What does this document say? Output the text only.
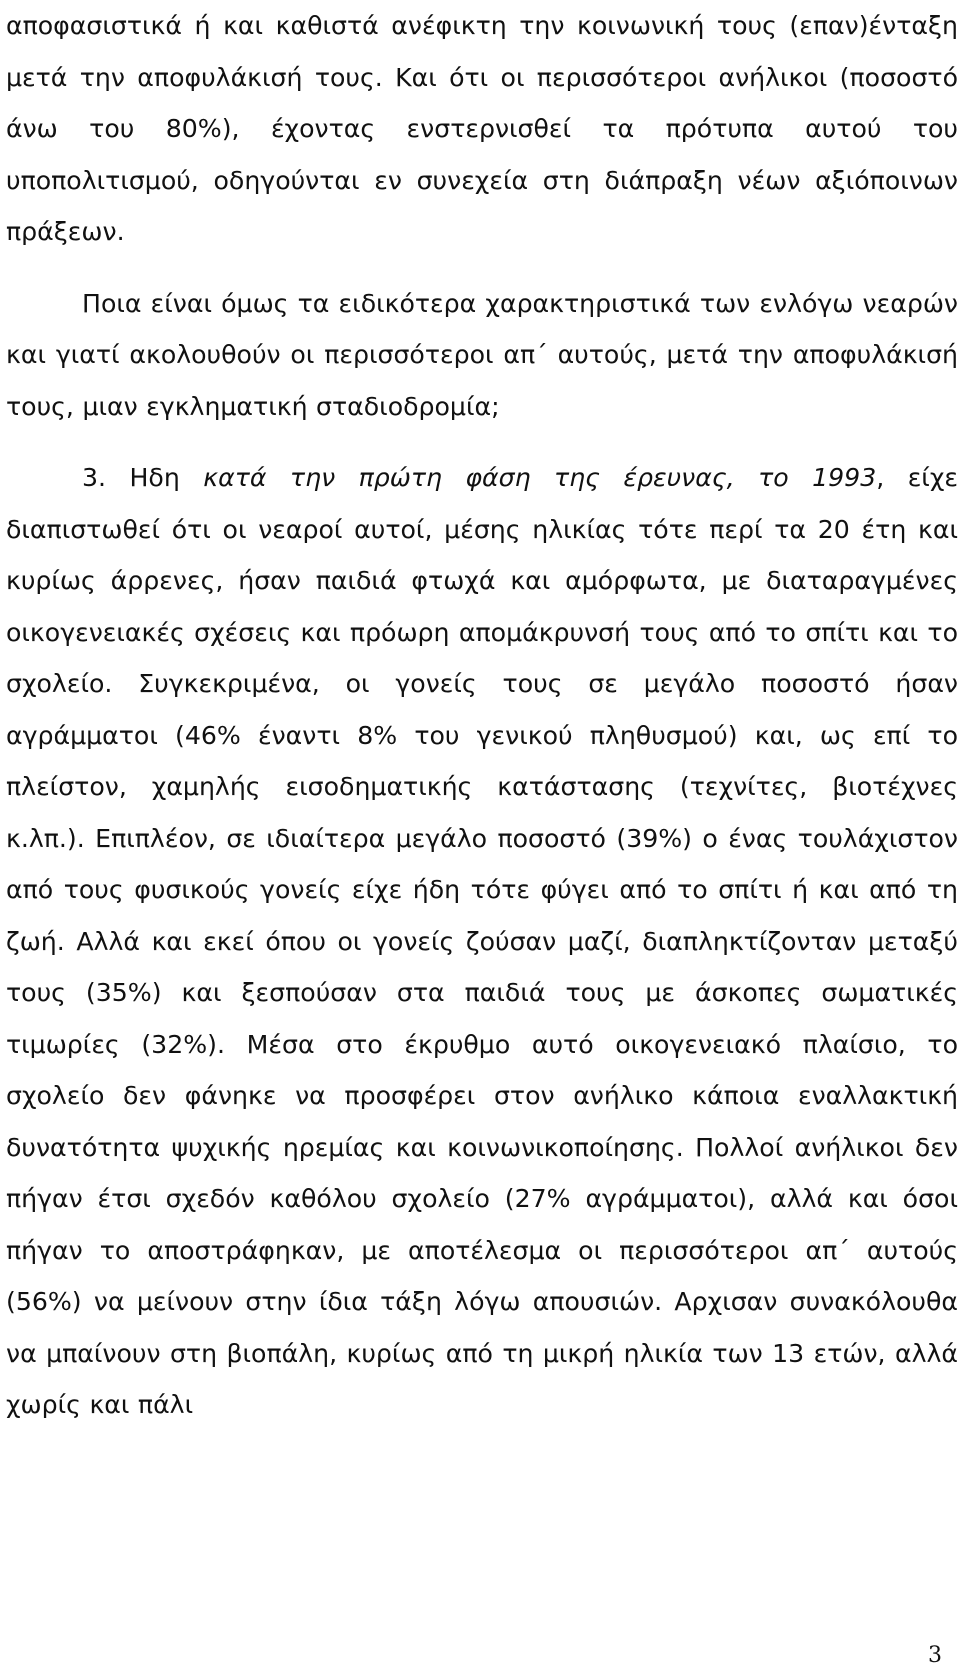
αποφασιστικά ή και καθιστά ανέφικτη την κοινωνική τους (επαν)ένταξη μετά την αποφυλάκισή τους. Και ότι οι περισσότεροι ανήλικοι (ποσοστό άνω του 80%), έχοντας ενστερνισθεί τα πρότυπα αυτού του υποπολιτισμού, οδηγούνται εν συνεχεία στη διάπραξη νέων αξιόποινων πράξεων.

Ποια είναι όμως τα ειδικότερα χαρακτηριστικά των ενλόγω νεαρών και γιατί ακολουθούν οι περισσότεροι απ΄ αυτούς, μετά την αποφυλάκισή τους, μιαν εγκληματική σταδιοδρομία;

3. Ηδη κατά την πρώτη φάση της έρευνας, το 1993, είχε διαπιστωθεί ότι οι νεαροί αυτοί, μέσης ηλικίας τότε περί τα 20 έτη και κυρίως άρρενες, ήσαν παιδιά φτωχά και αμόρφωτα, με διαταραγμένες οικογενειακές σχέσεις και πρόωρη απομάκρυνσή τους από το σπίτι και το σχολείο. Συγκεκριμένα, οι γονείς τους σε μεγάλο ποσοστό ήσαν αγράμματοι (46% έναντι 8% του γενικού πληθυσμού) και, ως επί το πλείστον, χαμηλής εισοδηματικής κατάστασης (τεχνίτες, βιοτέχνες κ.λπ.). Επιπλέον, σε ιδιαίτερα μεγάλο ποσοστό (39%) ο ένας τουλάχιστον από τους φυσικούς γονείς είχε ήδη τότε φύγει από το σπίτι ή και από τη ζωή. Αλλά και εκεί όπου οι γονείς ζούσαν μαζί, διαπληκτίζονταν μεταξύ τους (35%) και ξεσπούσαν στα παιδιά τους με άσκοπες σωματικές τιμωρίες (32%). Μέσα στο έκρυθμο αυτό οικογενειακό πλαίσιο, το σχολείο δεν φάνηκε να προσφέρει στον ανήλικο κάποια εναλλακτική δυνατότητα ψυχικής ηρεμίας και κοινωνικοποίησης. Πολλοί ανήλικοι δεν πήγαν έτσι σχεδόν καθόλου σχολείο (27% αγράμματοι), αλλά και όσοι πήγαν το αποστράφηκαν, με αποτέλεσμα οι περισσότεροι απ΄ αυτούς (56%) να μείνουν στην ίδια τάξη λόγω απουσιών. Αρχισαν συνακόλουθα να μπαίνουν στη βιοπάλη, κυρίως από τη μικρή ηλικία των 13 ετών, αλλά χωρίς και πάλι

3
